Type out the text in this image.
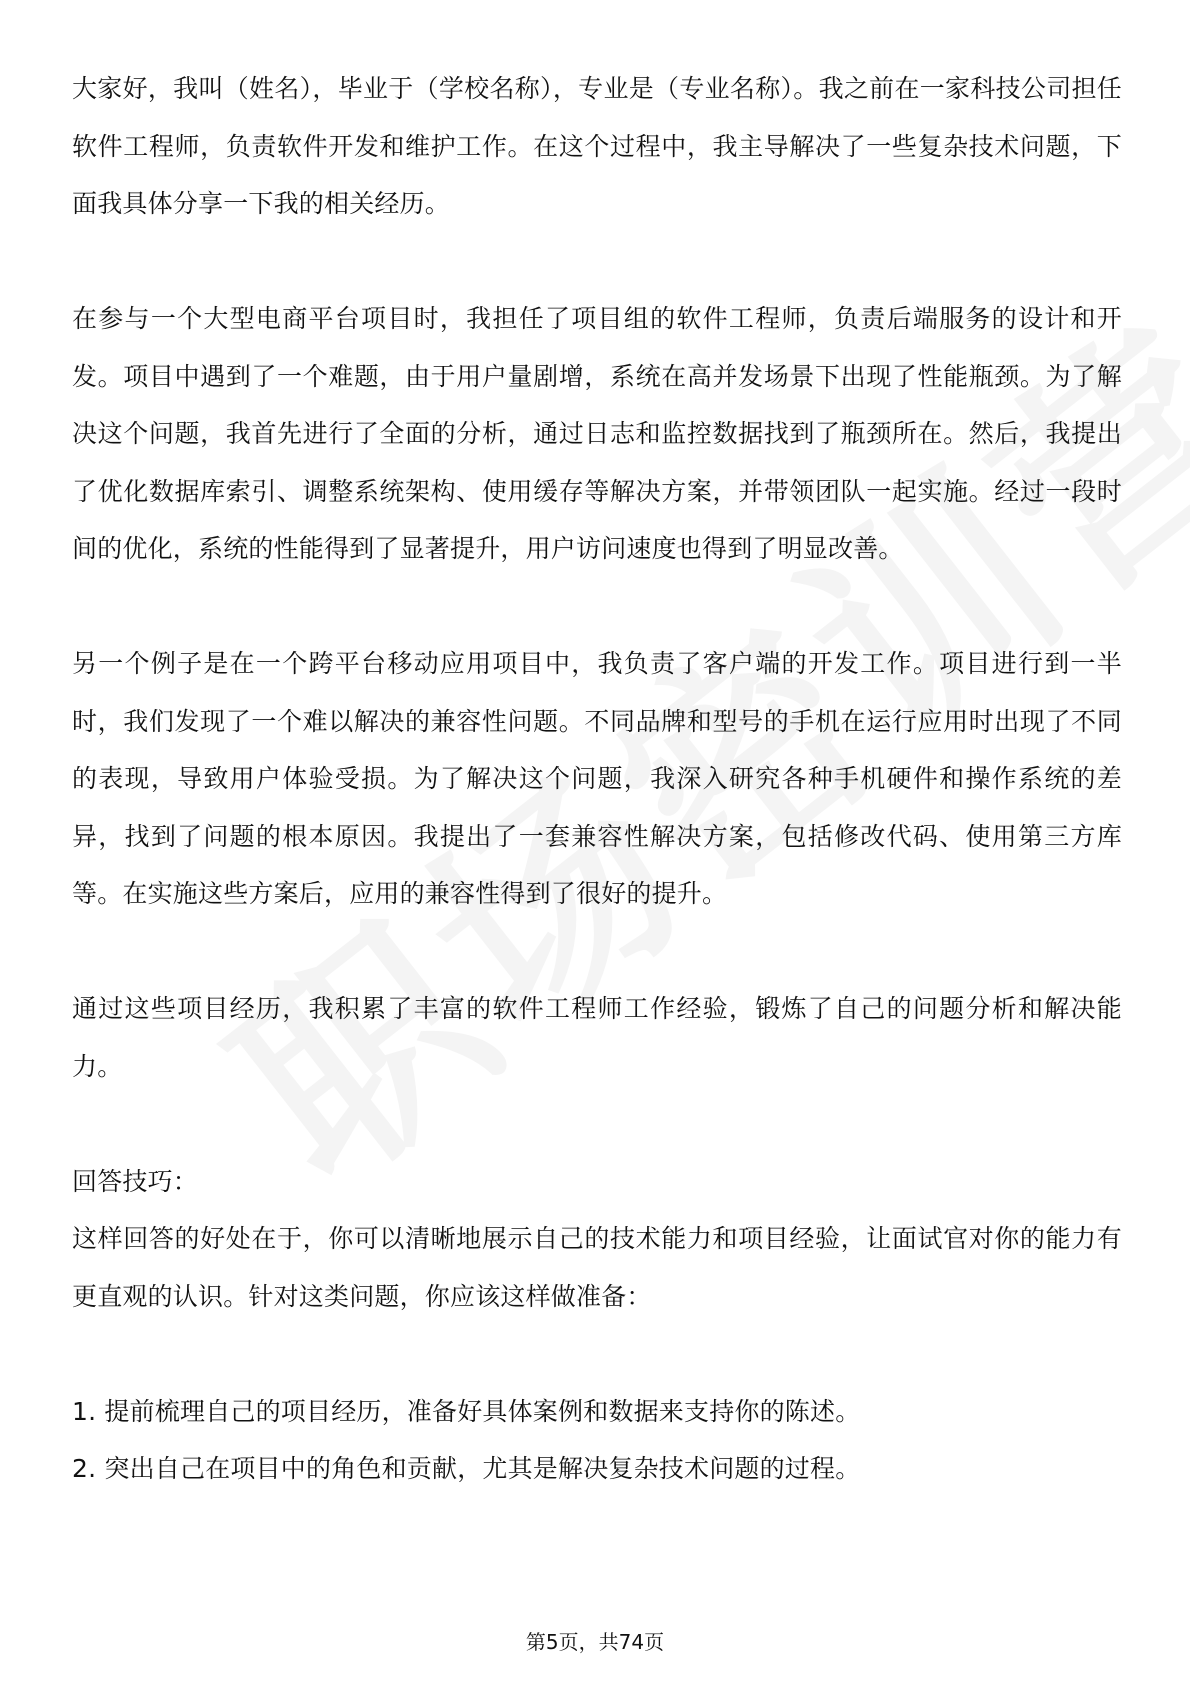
大家好，我叫（姓名），毕业于（学校名称），专业是（专业名称）。我之前在一家科技公司担任软件工程师，负责软件开发和维护工作。在这个过程中，我主导解决了一些复杂技术问题，下面我具体分享一下我的相关经历。

在参与一个大型电商平台项目时，我担任了项目组的软件工程师，负责后端服务的设计和开发。项目中遇到了一个难题，由于用户量剧增，系统在高并发场景下出现了性能瓶颈。为了解决这个问题，我首先进行了全面的分析，通过日志和监控数据找到了瓶颈所在。然后，我提出了优化数据库索引、调整系统架构、使用缓存等解决方案，并带领团队一起实施。经过一段时间的优化，系统的性能得到了显著提升，用户访问速度也得到了明显改善。

另一个例子是在一个跨平台移动应用项目中，我负责了客户端的开发工作。项目进行到一半时，我们发现了一个难以解决的兼容性问题。不同品牌和型号的手机在运行应用时出现了不同的表现，导致用户体验受损。为了解决这个问题，我深入研究各种手机硬件和操作系统的差异，找到了问题的根本原因。我提出了一套兼容性解决方案，包括修改代码、使用第三方库等。在实施这些方案后，应用的兼容性得到了很好的提升。

通过这些项目经历，我积累了丰富的软件工程师工作经验，锻炼了自己的问题分析和解决能力。

回答技巧：

这样回答的好处在于，你可以清晰地展示自己的技术能力和项目经验，让面试官对你的能力有更直观的认识。针对这类问题，你应该这样做准备：

1. 提前梳理自己的项目经历，准备好具体案例和数据来支持你的陈述。

2. 突出自己在项目中的角色和贡献，尤其是解决复杂技术问题的过程。

第5页，共74页
